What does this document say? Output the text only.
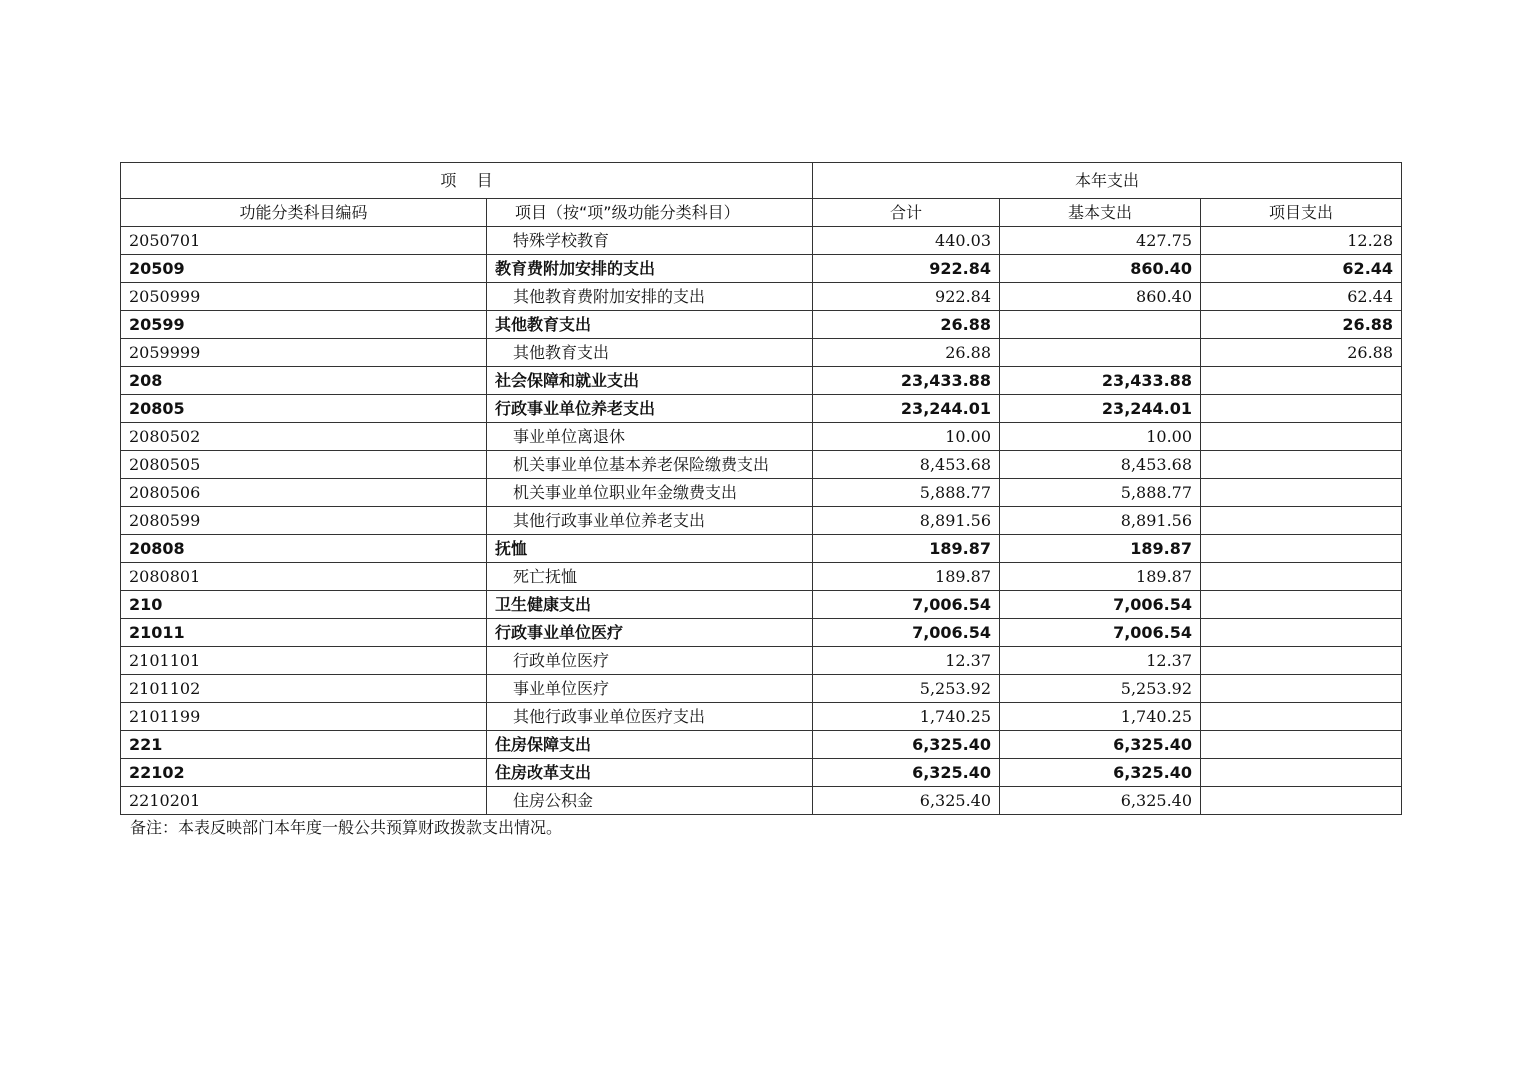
项    目		本年支出		
功能分类科目编码	项目（按“项”级功能分类科目）	合计	基本支出	项目支出
2050701	特殊学校教育	440.03	427.75	12.28
20509	教育费附加安排的支出	922.84	860.40	62.44
2050999	其他教育费附加安排的支出	922.84	860.40	62.44
20599	其他教育支出	26.88		26.88
2059999	其他教育支出	26.88		26.88
208	社会保障和就业支出	23,433.88	23,433.88	
20805	行政事业单位养老支出	23,244.01	23,244.01	
2080502	事业单位离退休	10.00	10.00	
2080505	机关事业单位基本养老保险缴费支出	8,453.68	8,453.68	
2080506	机关事业单位职业年金缴费支出	5,888.77	5,888.77	
2080599	其他行政事业单位养老支出	8,891.56	8,891.56	
20808	抚恤	189.87	189.87	
2080801	死亡抚恤	189.87	189.87	
210	卫生健康支出	7,006.54	7,006.54	
21011	行政事业单位医疗	7,006.54	7,006.54	
2101101	行政单位医疗	12.37	12.37	
2101102	事业单位医疗	5,253.92	5,253.92	
2101199	其他行政事业单位医疗支出	1,740.25	1,740.25	
221	住房保障支出	6,325.40	6,325.40	
22102	住房改革支出	6,325.40	6,325.40	
2210201	住房公积金	6,325.40	6,325.40	
备注：本表反映部门本年度一般公共预算财政拨款支出情况。
